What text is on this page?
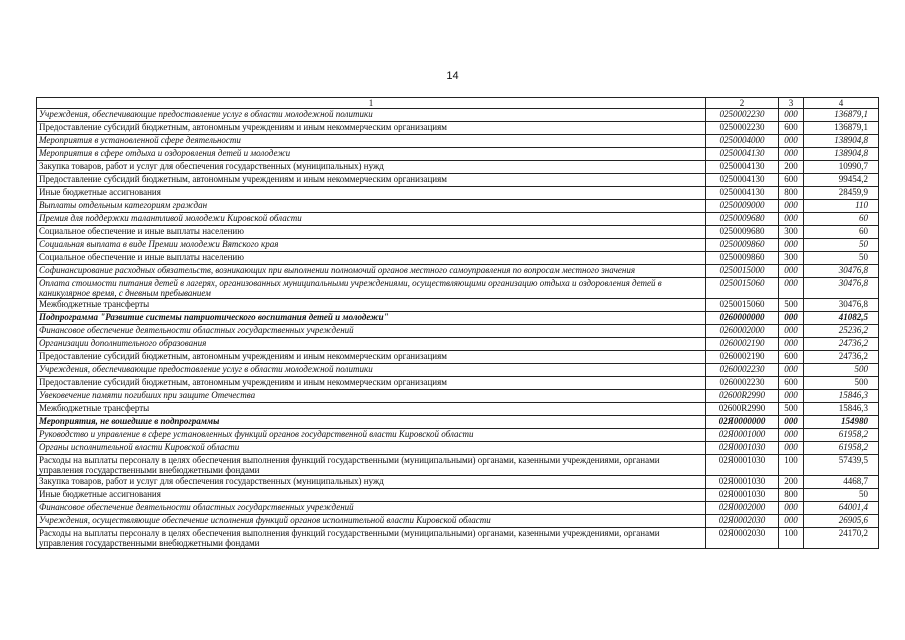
14
1	2	3	4
Учреждения, обеспечивающие предоставление услуг в области молодежной политики	0250002230	000	136879,1
Предоставление субсидий бюджетным, автономным учреждениям и иным некоммерческим организациям	0250002230	600	136879,1
Мероприятия в установленной сфере деятельности	0250004000	000	138904,8
Мероприятия в сфере отдыха и оздоровления детей и молодежи	0250004130	000	138904,8
Закупка товаров, работ и услуг для обеспечения государственных (муниципальных) нужд	0250004130	200	10990,7
Предоставление субсидий бюджетным, автономным учреждениям и иным некоммерческим организациям	0250004130	600	99454,2
Иные бюджетные ассигнования	0250004130	800	28459,9
Выплаты отдельным категориям граждан	0250009000	000	110
Премия для поддержки талантливой молодежи Кировской области	0250009680	000	60
Социальное обеспечение и иные выплаты населению	0250009680	300	60
Социальная выплата в виде Премии молодежи Вятского края	0250009860	000	50
Социальное обеспечение и иные выплаты населению	0250009860	300	50
Софинансирование расходных обязательств, возникающих при выполнении полномочий органов местного самоуправления по вопросам местного значения	0250015000	000	30476,8
Оплата стоимости питания детей в лагерях, организованных муниципальными учреждениями, осуществляющими организацию отдыха и оздоровления детей в каникулярное время, с дневным пребыванием	0250015060	000	30476,8
Межбюджетные трансферты	0250015060	500	30476,8
Подпрограмма "Развитие системы патриотического воспитания детей и молодежи"	0260000000	000	41082,5
Финансовое обеспечение деятельности областных государственных учреждений	0260002000	000	25236,2
Организации дополнительного образования	0260002190	000	24736,2
Предоставление субсидий бюджетным, автономным учреждениям и иным некоммерческим организациям	0260002190	600	24736,2
Учреждения, обеспечивающие предоставление услуг в области молодежной политики	0260002230	000	500
Предоставление субсидий бюджетным, автономным учреждениям и иным некоммерческим организациям	0260002230	600	500
Увековечение памяти погибших при защите Отечества	02600R2990	000	15846,3
Межбюджетные трансферты	02600R2990	500	15846,3
Мероприятия, не вошедшие в подпрограммы	02Я0000000	000	154980
Руководство и управление в сфере установленных функций органов государственной власти Кировской области	02Я0001000	000	61958,2
Органы исполнительной власти Кировской области	02Я0001030	000	61958,2
Расходы на выплаты персоналу в целях обеспечения выполнения функций государственными (муниципальными) органами, казенными учреждениями, органами управления государственными внебюджетными фондами	02Я0001030	100	57439,5
Закупка товаров, работ и услуг для обеспечения государственных (муниципальных) нужд	02Я0001030	200	4468,7
Иные бюджетные ассигнования	02Я0001030	800	50
Финансовое обеспечение деятельности областных государственных учреждений	02Я0002000	000	64001,4
Учреждения, осуществляющие обеспечение исполнения функций органов исполнительной власти Кировской области	02Я0002030	000	26905,6
Расходы на выплаты персоналу в целях обеспечения выполнения функций государственными (муниципальными) органами, казенными учреждениями, органами управления государственными внебюджетными фондами	02Я0002030	100	24170,2
